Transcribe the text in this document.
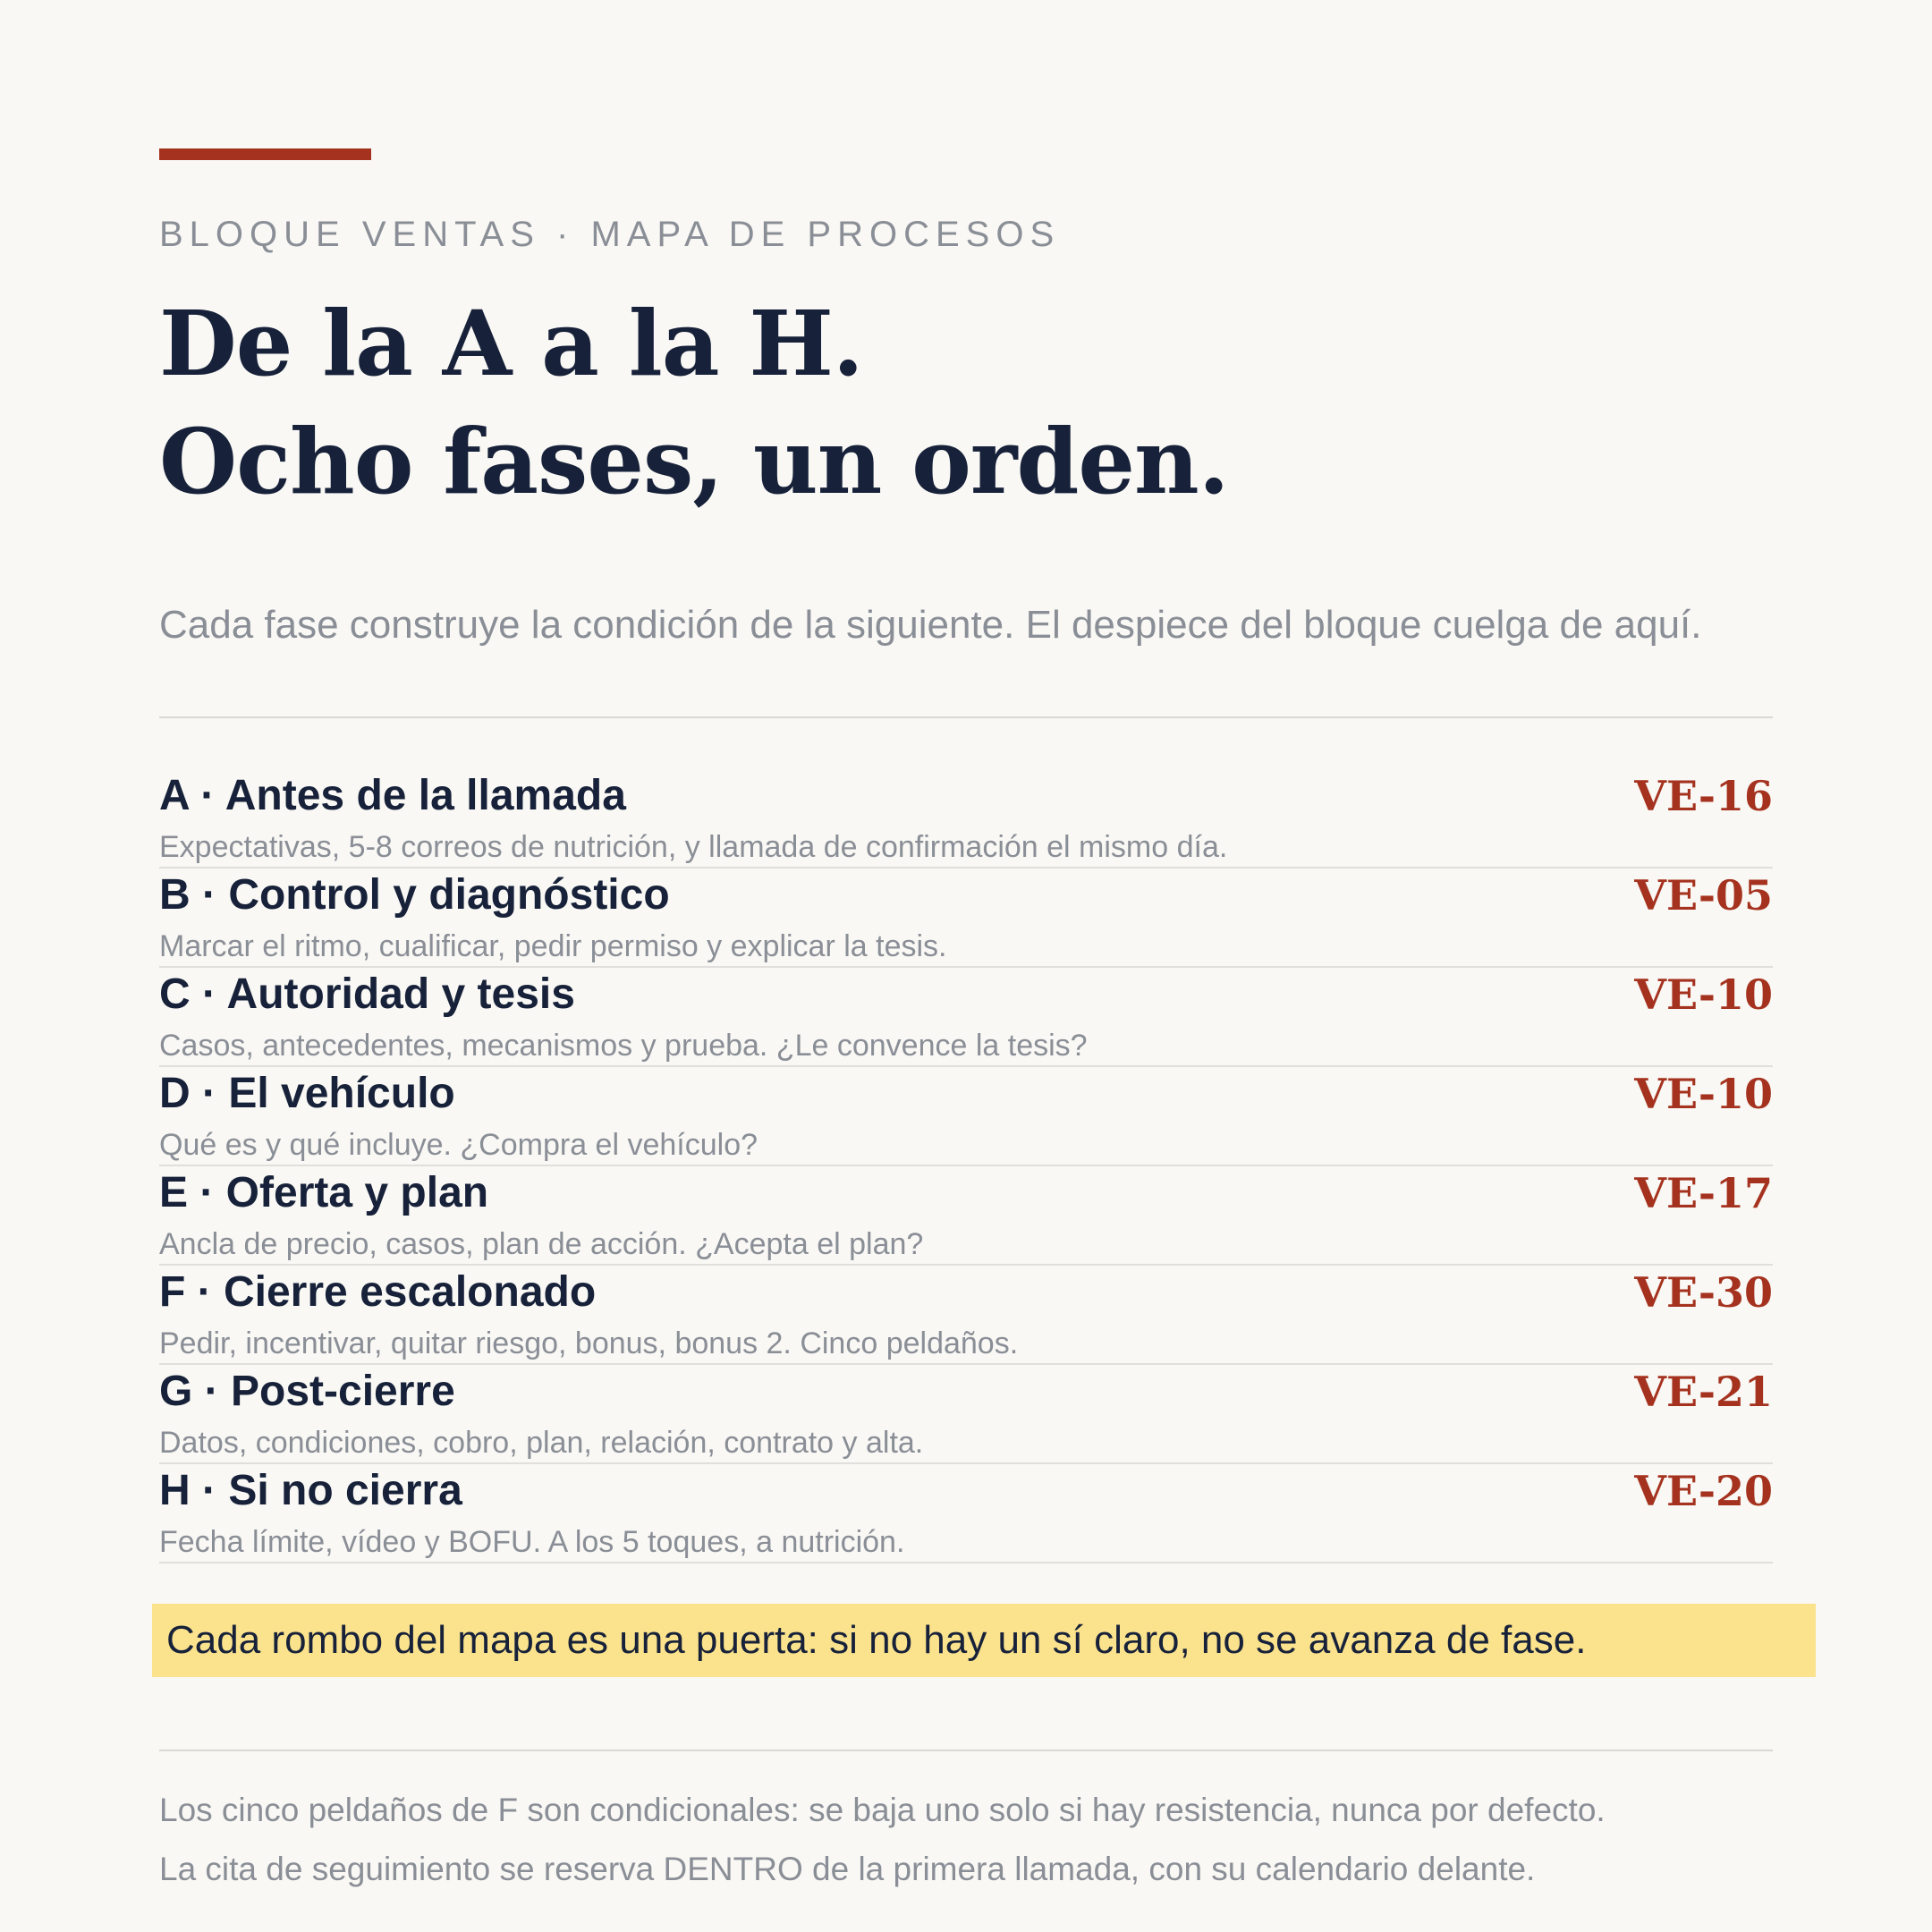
BLOQUE VENTAS · MAPA DE PROCESOS
De la A a la H.
Ocho fases, un orden.
Cada fase construye la condición de la siguiente. El despiece del bloque cuelga de aquí.
A · Antes de la llamada	VE-16
Expectativas, 5-8 correos de nutrición, y llamada de confirmación el mismo día.
B · Control y diagnóstico	VE-05
Marcar el ritmo, cualificar, pedir permiso y explicar la tesis.
C · Autoridad y tesis	VE-10
Casos, antecedentes, mecanismos y prueba. ¿Le convence la tesis?
D · El vehículo	VE-10
Qué es y qué incluye. ¿Compra el vehículo?
E · Oferta y plan	VE-17
Ancla de precio, casos, plan de acción. ¿Acepta el plan?
F · Cierre escalonado	VE-30
Pedir, incentivar, quitar riesgo, bonus, bonus 2. Cinco peldaños.
G · Post-cierre	VE-21
Datos, condiciones, cobro, plan, relación, contrato y alta.
H · Si no cierra	VE-20
Fecha límite, vídeo y BOFU. A los 5 toques, a nutrición.
Cada rombo del mapa es una puerta: si no hay un sí claro, no se avanza de fase.
Los cinco peldaños de F son condicionales: se baja uno solo si hay resistencia, nunca por defecto.
La cita de seguimiento se reserva DENTRO de la primera llamada, con su calendario delante.
